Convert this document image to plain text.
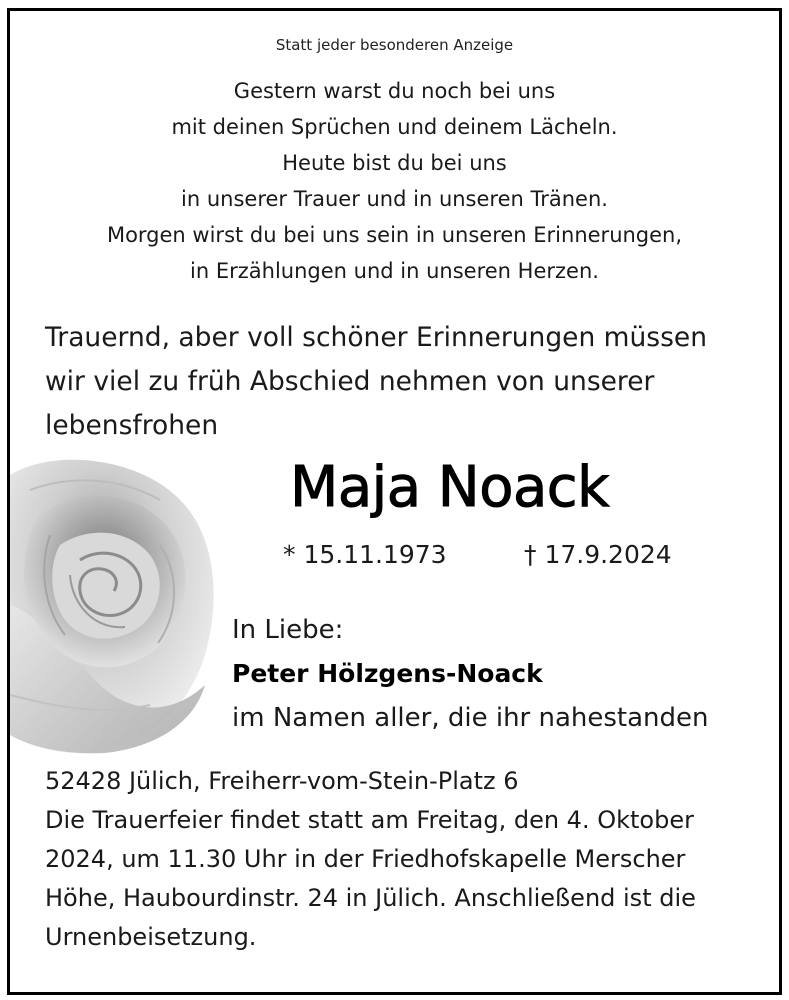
Statt jeder besonderen Anzeige

Gestern warst du noch bei uns
mit deinen Sprüchen und deinem Lächeln.
Heute bist du bei uns
in unserer Trauer und in unseren Tränen.
Morgen wirst du bei uns sein in unseren Erinnerungen,
in Erzählungen und in unseren Herzen.
Trauernd, aber voll schöner Erinnerungen müssen
wir viel zu früh Abschied nehmen von unserer
lebensfrohen

Maja Noack

* 15.11.1973	† 17.9.2024

In Liebe:
Peter Hölzgens-Noack
im Namen aller, die ihr nahestanden
52428 Jülich, Freiherr-vom-Stein-Platz 6
Die Trauerfeier findet statt am Freitag, den 4. Oktober
2024, um 11.30 Uhr in der Friedhofskapelle Merscher
Höhe, Haubourdinstr. 24 in Jülich. Anschließend ist die
Urnenbeisetzung.
